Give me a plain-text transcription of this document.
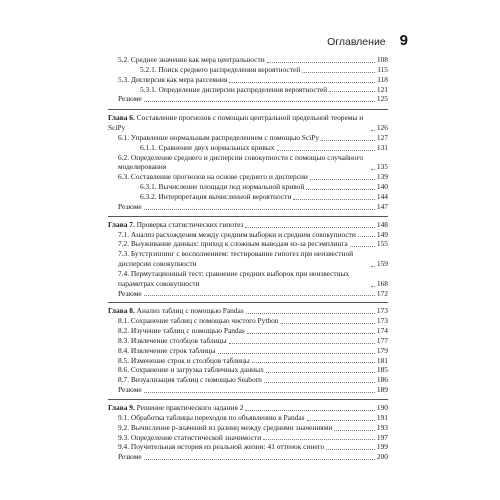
Оглавление 9
5.2. Среднее значение как мера центральности	108
5.2.1. Поиск среднего распределения вероятностей	115
5.3. Дисперсия как мера рассеяния	118
5.3.1. Определение дисперсии распределения вероятностей	121
Резюме	125
Глава 6. Составление прогнозов с помощью центральной предельной теоремы и SciPy	126
6.1. Управление нормальным распределением с помощью SciPy	127
6.1.1. Сравнение двух нормальных кривых	131
6.2. Определение среднего и дисперсии совокупности с помощью случайного моделирования	135
6.3. Составление прогнозов на основе среднего и дисперсии	139
6.3.1. Вычисление площади под нормальной кривой	140
6.3.2. Интерпретация вычисленной вероятности	144
Резюме	147
Глава 7. Проверка статистических гипотез	148
7.1. Анализ расхождения между средним выборки и средним совокупности	149
7.2. Выуживание данных: приход к сложным выводам из-за ресэмплинга	155
7.3. Бутстрэппинг с восполнением: тестирование гипотез при неизвестной дисперсии совокупности	159
7.4. Пермутационный тест: сравнение средних выборок при неизвестных параметрах совокупности	168
Резюме	172
Глава 8. Анализ таблиц с помощью Pandas	173
8.1. Сохранение таблиц с помощью чистого Python	173
8.2. Изучение таблиц с помощью Pandas	174
8.3. Извлечение столбцов таблицы	177
8.4. Извлечение строк таблицы	179
8.5. Изменение строк и столбцов таблицы	181
8.6. Сохранение и загрузка табличных данных	185
8.7. Визуализация таблиц с помощью Seaborn	186
Резюме	189
Глава 9. Решение практического задания 2	190
9.1. Обработка таблицы переходов по объявлению в Pandas	191
9.2. Вычисление p-значений из разниц между средними значениями	193
9.3. Определение статистической значимости	197
9.4. Поучительная история из реальной жизни: 41 оттенок синего	199
Резюме	200
